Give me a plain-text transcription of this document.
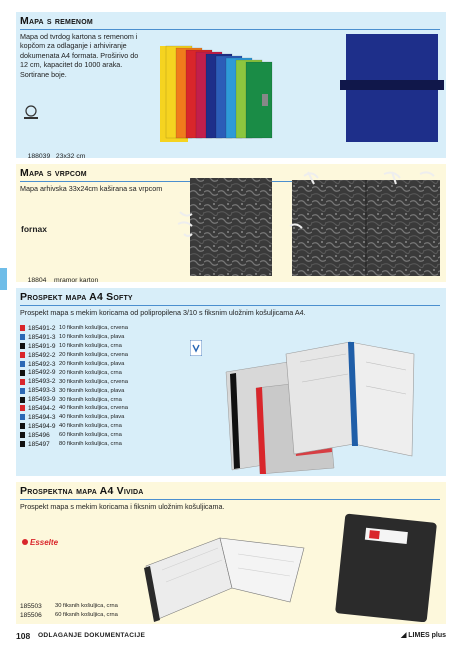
Mapa s remenom
Mapa od tvrdog kartona s remenom i kopčom za odlaganje i arhiviranje dokumenata A4 formata. Proširivo do 12 cm, kapacitet do 1000 araka. Sortirane boje.

188039 23x32 cm

Mapa s vrpcom
Mapa arhivska 33x24cm kaširana sa vrpcom
fornax

18804 mramor karton

Prospekt mapa A4 Softy
Prospekt mapa s mekim koricama od polipropilena 3/10 s fiksnim uložnim košuljicama A4.
185491-2 10 fiksnih košuljica, crvena
185491-3 10 fiksnih košuljica, plava
185491-9 10 fiksnih košuljica, crna
185492-2 20 fiksnih košuljica, crvena
185492-3 20 fiksnih košuljica, plava
185492-9 20 fiksnih košuljica, crna
185493-2 30 fiksnih košuljica, crvena
185493-3 30 fiksnih košuljica, plava
185493-9 30 fiksnih košuljica, crna
185494-2 40 fiksnih košuljica, crvena
185494-3 40 fiksnih košuljica, plava
185494-9 40 fiksnih košuljica, crna
185496	60 fiksnih košuljica, crna
185497	80 fiksnih košuljica, crna
Prospektna mapa A4 Vivida
Prospekt mapa s mekim koricama i fiksnim uložnim košuljicama.
Esselte
185503	30 fiksnih košuljica, crna
185506	60 fiksnih košuljica, crna
108 ODLAGANJE DOKUMENTACIJE	◢ LIMES plus
